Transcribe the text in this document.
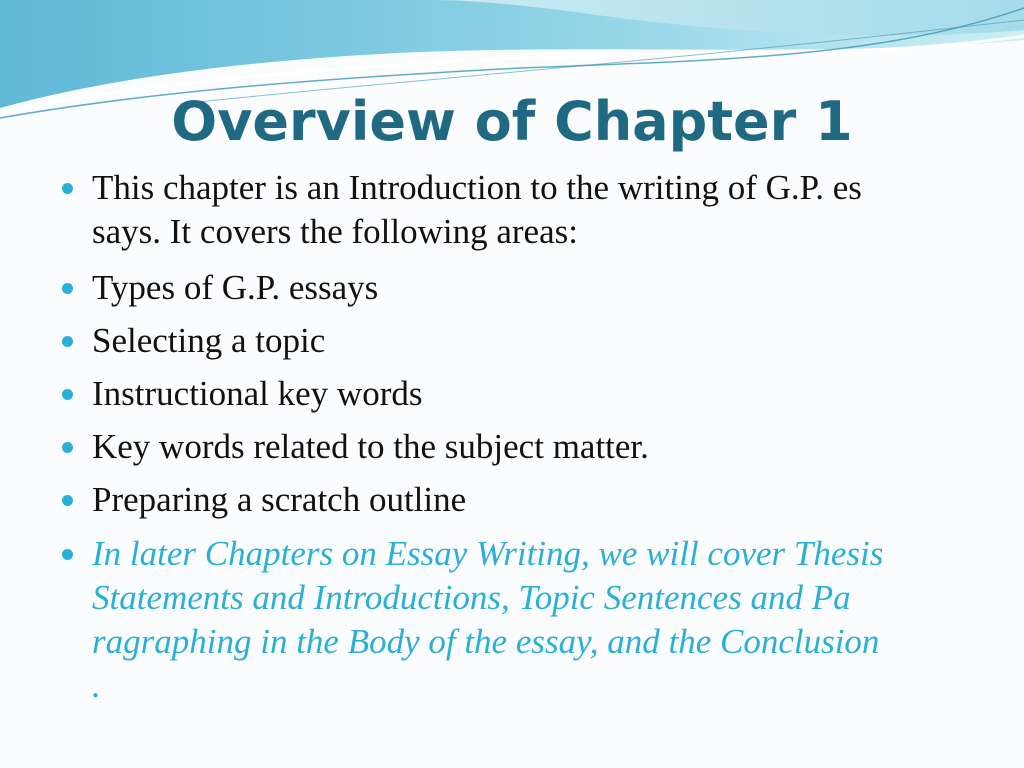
Overview of Chapter 1
This chapter is an Introduction to the writing of G.P. es
says. It covers the following areas:
Types of G.P. essays
Selecting a topic
Instructional key words
Key words related to the subject matter.
Preparing a scratch outline
In later Chapters on Essay Writing, we will cover Thesis
Statements and Introductions, Topic Sentences and Pa
ragraphing in the Body of the essay, and the Conclusion
.
